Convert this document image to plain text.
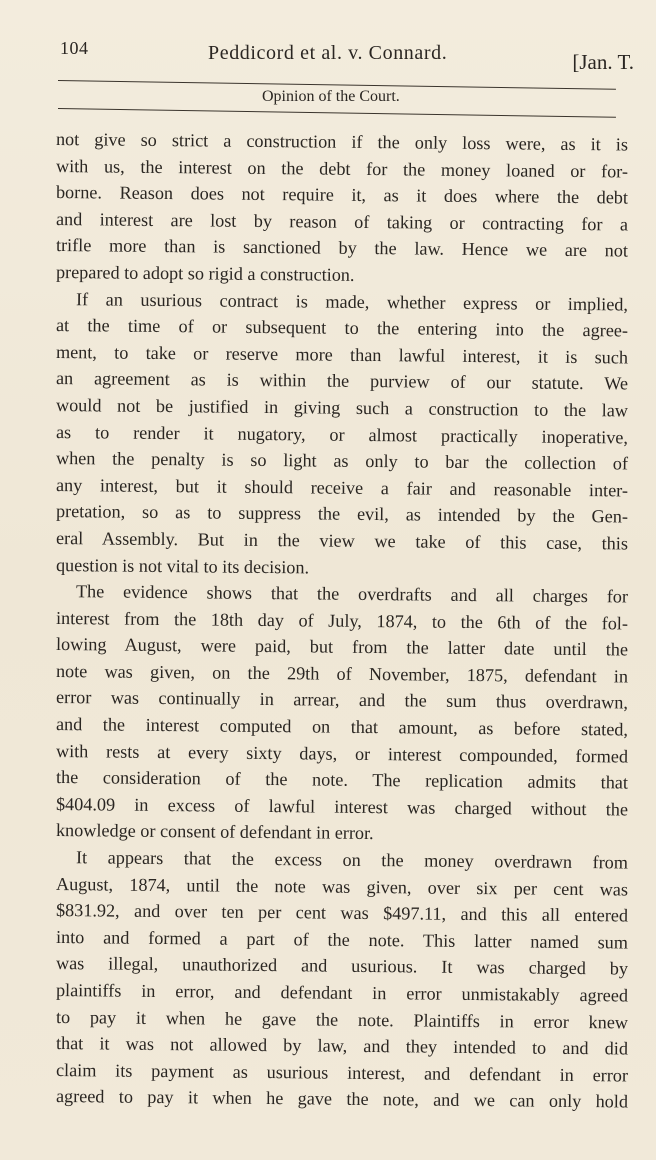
104	Peddicord et al. v. Connard.	[Jan. T.
Opinion of the Court.
not give so strict a construction if the only loss were, as it is
with us, the interest on the debt for the money loaned or for-
borne. Reason does not require it, as it does where the debt
and interest are lost by reason of taking or contracting for a
trifle more than is sanctioned by the law. Hence we are not
prepared to adopt so rigid a construction.
If an usurious contract is made, whether express or implied,
at the time of or subsequent to the entering into the agree-
ment, to take or reserve more than lawful interest, it is such
an agreement as is within the purview of our statute. We
would not be justified in giving such a construction to the law
as to render it nugatory, or almost practically inoperative,
when the penalty is so light as only to bar the collection of
any interest, but it should receive a fair and reasonable inter-
pretation, so as to suppress the evil, as intended by the Gen-
eral Assembly. But in the view we take of this case, this
question is not vital to its decision.
The evidence shows that the overdrafts and all charges for
interest from the 18th day of July, 1874, to the 6th of the fol-
lowing August, were paid, but from the latter date until the
note was given, on the 29th of November, 1875, defendant in
error was continually in arrear, and the sum thus overdrawn,
and the interest computed on that amount, as before stated,
with rests at every sixty days, or interest compounded, formed
the consideration of the note. The replication admits that
$404.09 in excess of lawful interest was charged without the
knowledge or consent of defendant in error.
It appears that the excess on the money overdrawn from
August, 1874, until the note was given, over six per cent was
$831.92, and over ten per cent was $497.11, and this all entered
into and formed a part of the note. This latter named sum
was illegal, unauthorized and usurious. It was charged by
plaintiffs in error, and defendant in error unmistakably agreed
to pay it when he gave the note. Plaintiffs in error knew
that it was not allowed by law, and they intended to and did
claim its payment as usurious interest, and defendant in error
agreed to pay it when he gave the note, and we can only hold
